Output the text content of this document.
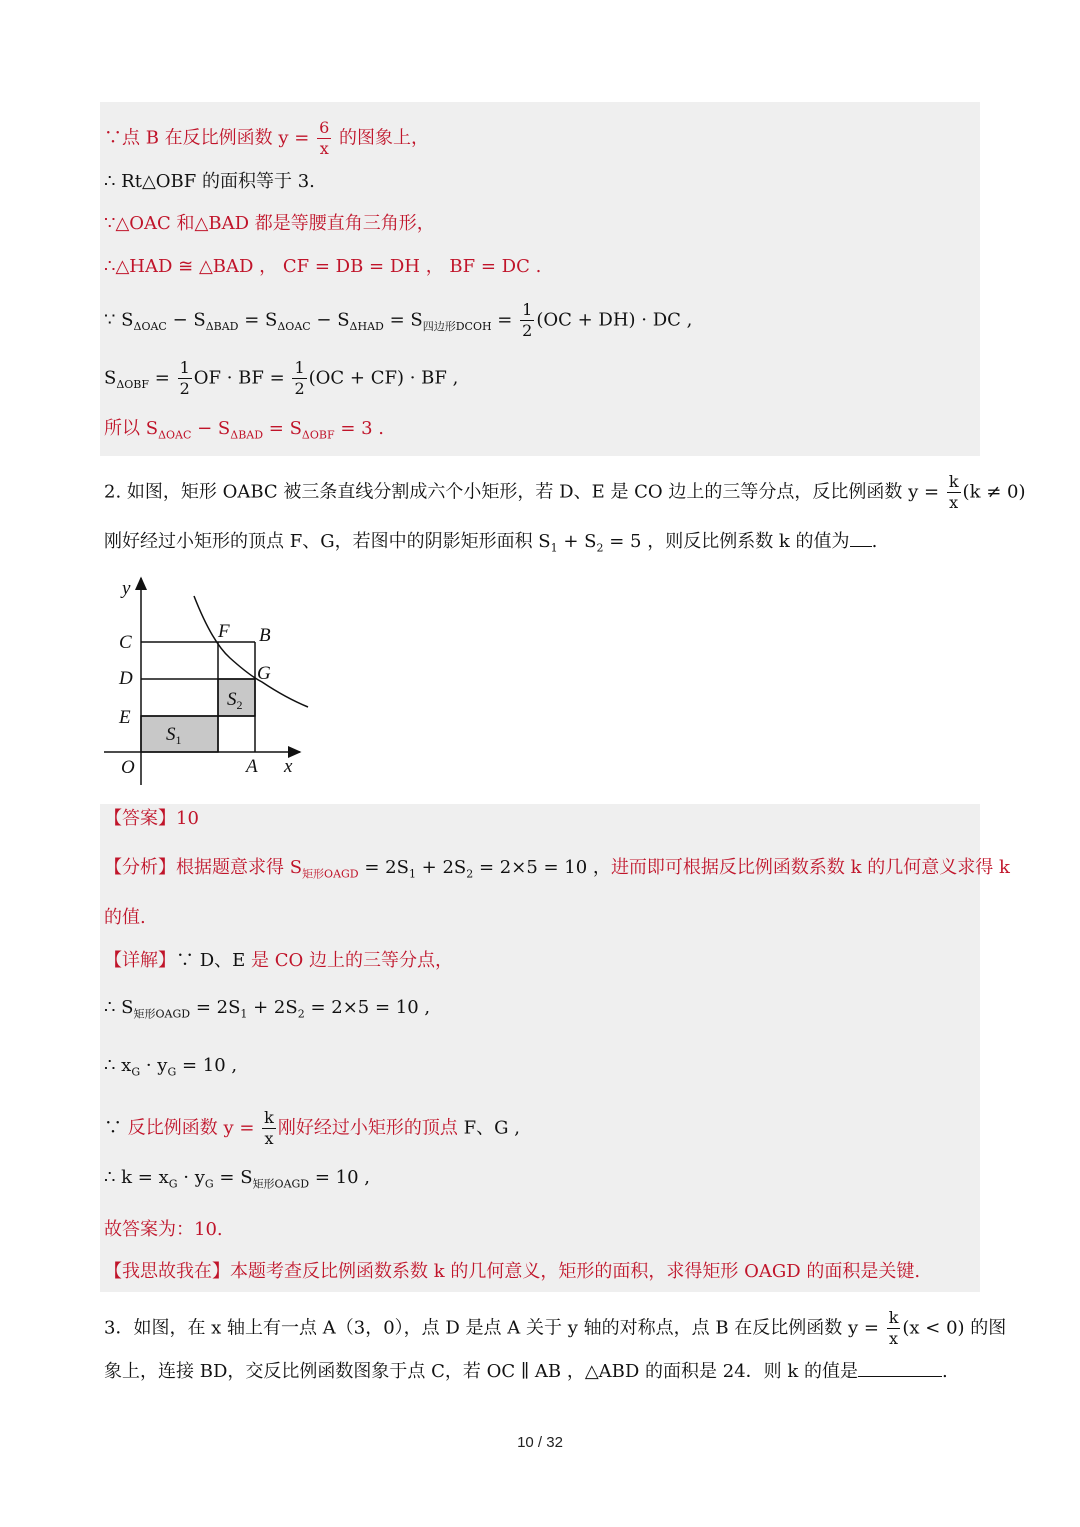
∵点 B 在反比例函数 $y = \frac{6}{x}$ 的图象上，
∴ Rt△OBF 的面积等于 3.
∵△OAC 和△BAD 都是等腰直角三角形，
∴△HAD ≅ △BAD ， CF = DB = DH ， BF = DC .
∵ $S_{\Delta OAC} - S_{\Delta BAD} = S_{\Delta OAC} - S_{\Delta HAD} = S_{四边形DCOH} = \frac{1}{2} (OC + DH)$ · DC ,
$S_{\Delta OBF} = \frac{1}{2}$ OF · BF = $\frac{1}{2} (OC + CF)$ · BF ,
所以 $S_{\Delta OAC} - S_{\Delta BAD} = S_{\Delta OBF} = 3$ .
2. 如图，矩形 OABC 被三条直线分割成六个小矩形，若 D、E 是 CO 边上的三等分点，反比例函数 $y = \frac{k}{x} (k \ne 0)$
刚好经过小矩形的顶点 F、G，若图中的阴影矩形面积 $S_1 + S_2 = 5$ ，则反比例系数 k 的值为 .
y
x
O	A
B
C
D
E
F
G
$S_1$
$S_2$
【答案】10
【分析】根据题意求得 $S_{矩形OAGD} = 2S_1 + 2S_2 = 2\times 5 = 10$ ，进而即可根据反比例函数系数 k 的几何意义求得 k
的值.
【详解】∵ D、E 是 CO 边上的三等分点，
∴ $S_{矩形OAGD} = 2S_1 + 2S_2 = 2\times 5 = 10$ ,
∴ $x_G \cdot y_G = 10$ ,
∵ 反比例函数 $y = \frac{k}{x}$ 刚好经过小矩形的顶点 F、G ,
∴ $k = x_G \cdot y_G = S_{矩形OAGD} = 10$ ,
故答案为：10.
【我思故我在】本题考查反比例函数系数 k 的几何意义，矩形的面积，求得矩形 OAGD 的面积是关键.
3．如图，在 x 轴上有一点 A（3，0），点 D 是点 A 关于 y 轴的对称点，点 B 在反比例函数 $y = \frac{k}{x} (x < 0)$ 的图
象上，连接 BD，交反比例函数图象于点 C，若 OC ∥ AB ，△ABD 的面积是 24．则 k 的值是	.
10 / 32
